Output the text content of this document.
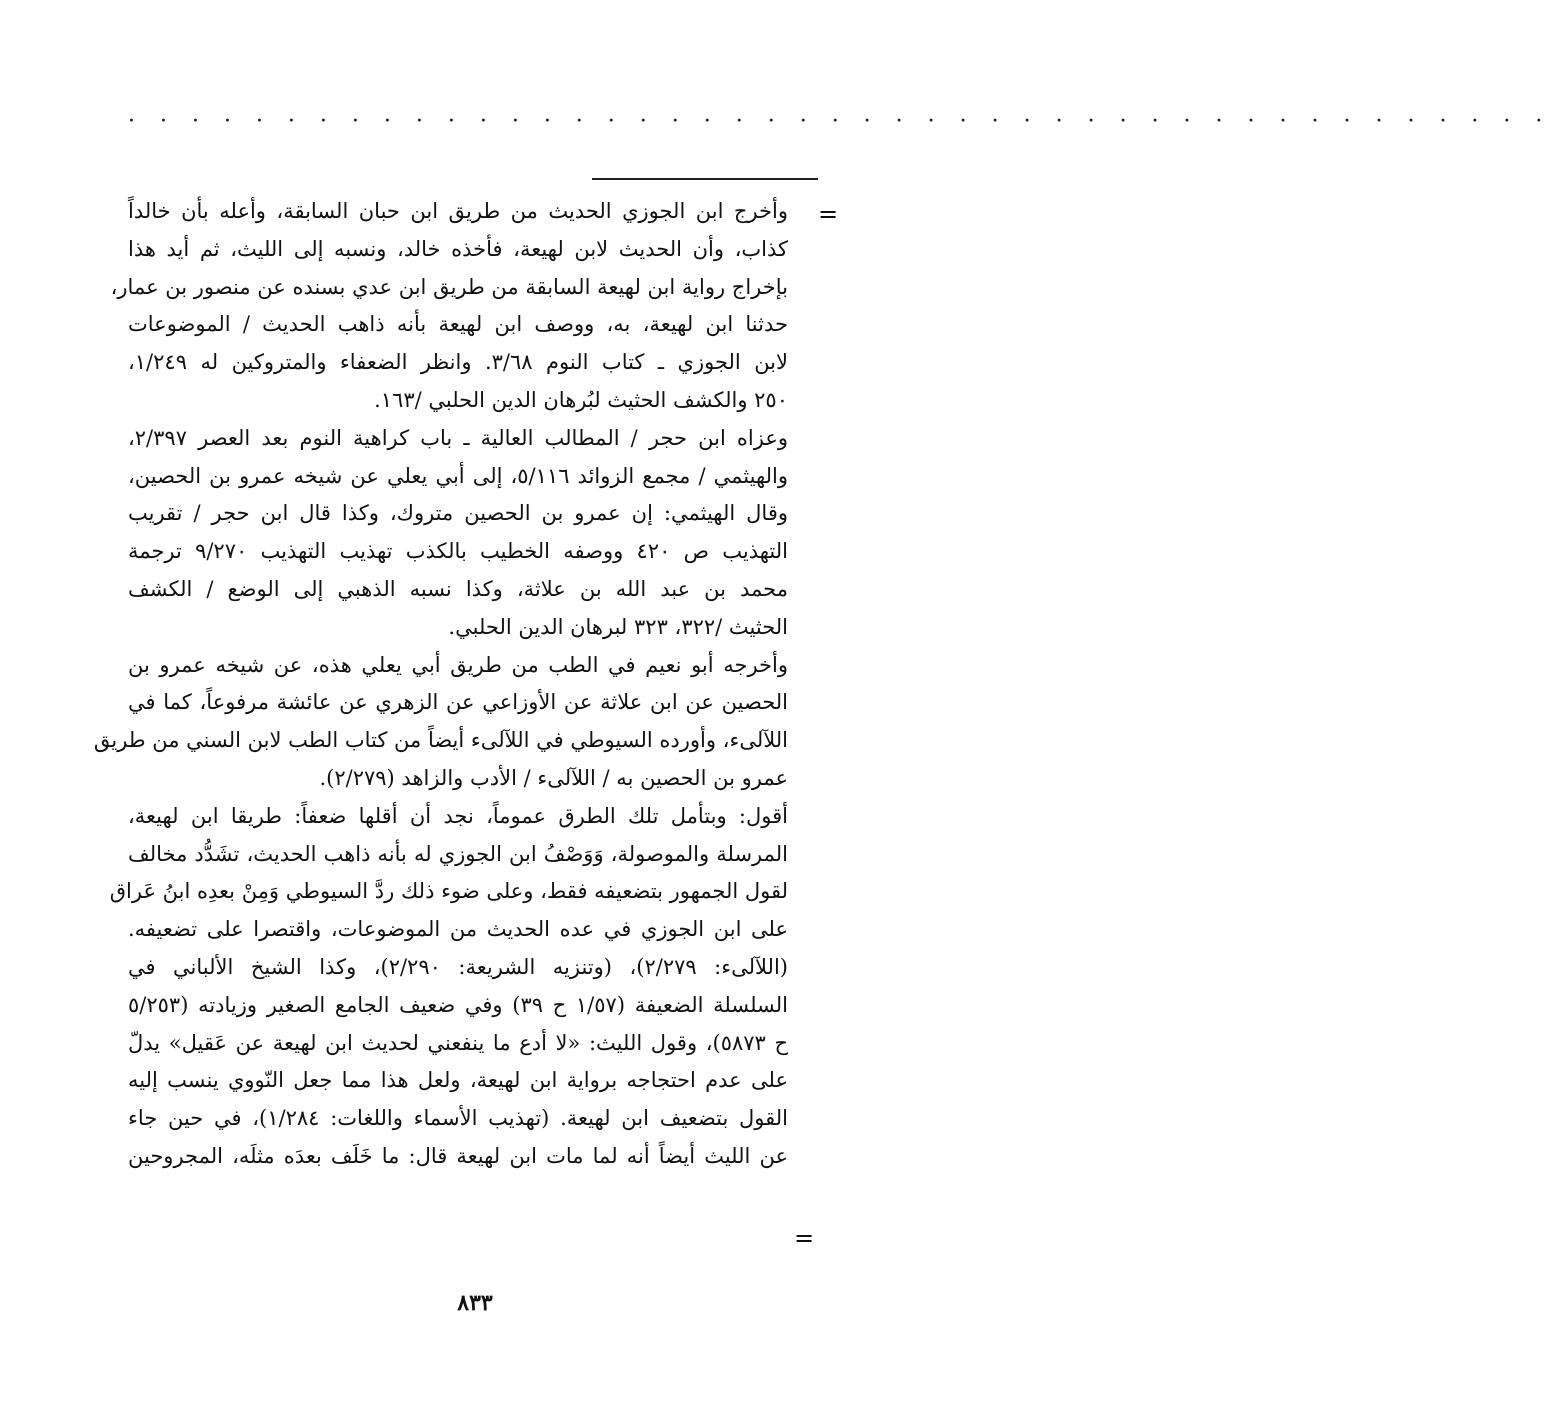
· · · · · · · · · · · · · · · · · · · · · · · · · · · · · · · · · · · · · · · · · · · · ·
=
وأخرج ابن الجوزي الحديث من طريق ابن حبان السابقة، وأعله بأن خالداً
كذاب، وأن الحديث لابن لهيعة، فأخذه خالد، ونسبه إلى الليث، ثم أيد هذا
بإخراج رواية ابن لهيعة السابقة من طريق ابن عدي بسنده عن منصور بن عمار،
حدثنا ابن لهيعة، به، ووصف ابن لهيعة بأنه ذاهب الحديث / الموضوعات
لابن الجوزي ـ كتاب النوم ٣/٦٨. وانظر الضعفاء والمتروكين له ١/٢٤٩،
٢٥٠ والكشف الحثيث لبُرهان الدين الحلبي /١٦٣.
وعزاه ابن حجر / المطالب العالية ـ باب كراهية النوم بعد العصر ٢/٣٩٧،
والهيثمي / مجمع الزوائد ٥/١١٦، إلى أبي يعلي عن شيخه عمرو بن الحصين،
وقال الهيثمي: إن عمرو بن الحصين متروك، وكذا قال ابن حجر / تقريب
التهذيب ص ٤٢٠ ووصفه الخطيب بالكذب تهذيب التهذيب ٩/٢٧٠ ترجمة
محمد بن عبد الله بن علاثة، وكذا نسبه الذهبي إلى الوضع / الكشف
الحثيث /٣٢٢، ٣٢٣ لبرهان الدين الحلبي.
وأخرجه أبو نعيم في الطب من طريق أبي يعلي هذه، عن شيخه عمرو بن
الحصين عن ابن علاثة عن الأوزاعي عن الزهري عن عائشة مرفوعاً، كما في
اللآلىء، وأورده السيوطي في اللآلىء أيضاً من كتاب الطب لابن السني من طريق
عمرو بن الحصين به / اللآلىء / الأدب والزاهد (٢/٢٧٩).
أقول: وبتأمل تلك الطرق عموماً، نجد أن أقلها ضعفاً: طريقا ابن لهيعة،
المرسلة والموصولة، وَوَصْفُ ابن الجوزي له بأنه ذاهب الحديث، تشَدُّد مخالف
لقول الجمهور بتضعيفه فقط، وعلى ضوء ذلك ردَّ السيوطي وَمِنْ بعدِه ابنُ عَراق
على ابن الجوزي في عده الحديث من الموضوعات، واقتصرا على تضعيفه.
(اللآلىء: ٢/٢٧٩)، (وتنزيه الشريعة: ٢/٢٩٠)، وكذا الشيخ الألباني في
السلسلة الضعيفة (١/٥٧ ح ٣٩) وفي ضعيف الجامع الصغير وزيادته (٥/٢٥٣
ح ٥٨٧٣)، وقول الليث: «لا أدع ما ينفعني لحديث ابن لهيعة عن عَقيل» يدلّ
على عدم احتجاجه برواية ابن لهيعة، ولعل هذا مما جعل النّووي ينسب إليه
القول بتضعيف ابن لهيعة. (تهذيب الأسماء واللغات: ١/٢٨٤)، في حين جاء
عن الليث أيضاً أنه لما مات ابن لهيعة قال: ما خَلَف بعدَه مثلَه، المجروحين
=
٨٣٣
